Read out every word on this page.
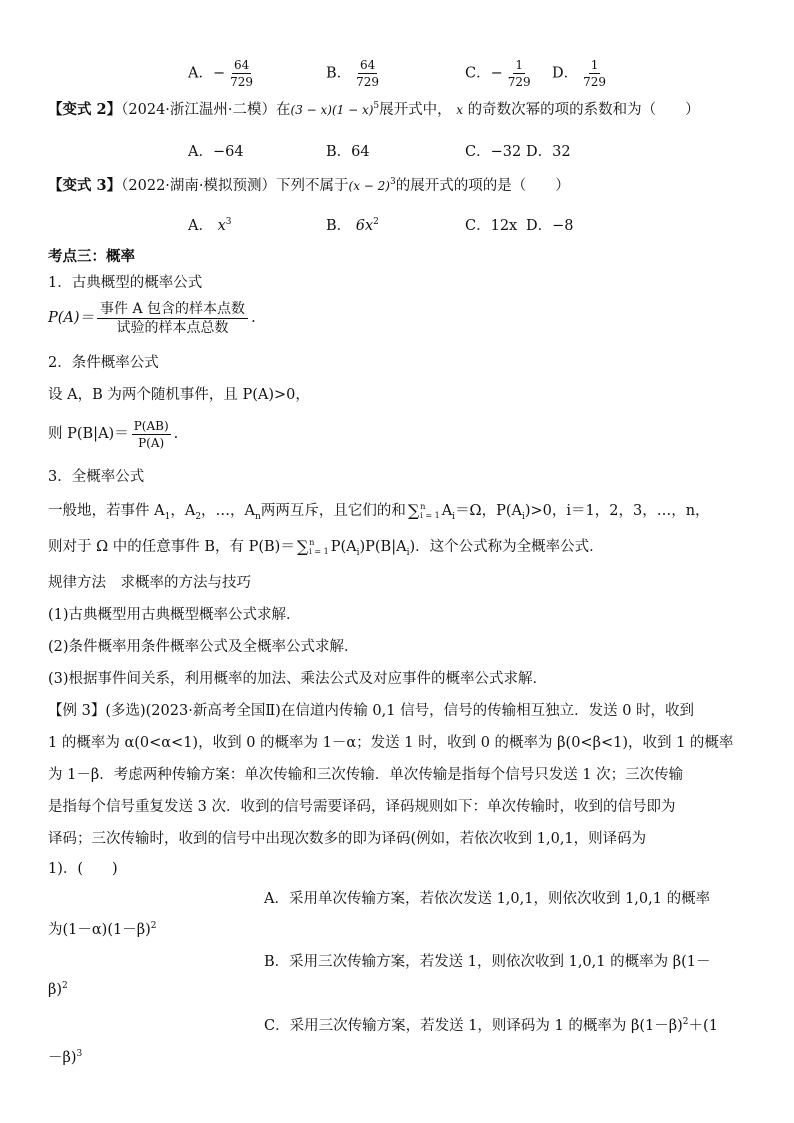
A．− $\frac{64}{729}$	B． $\frac{64}{729}$	C．− $\frac{1}{729}$ D． $\frac{1}{729}$
【变式 2】（2024·浙江温州·二模）在$(3 - x)(1 - x)^5$展开式中， x 的奇数次幂的项的系数和为（　　）
A．−64	B．64	C．−32 D．32
【变式 3】（2022·湖南·模拟预测）下列不属于$(x - 2)^3$的展开式的项的是（　　）
A． $x^3$	B． $6x^2$	C．12x D．−8
考点三：概率
1．古典概型的概率公式
$P(A)= \frac{\text{事件 A 包含的样本点数}}{\text{试验的样本点总数}}$ .
2．条件概率公式
设 A，B 为两个随机事件，且 P(A)>0，
则 $P(B|A)= \frac{P(AB)}{P(A)}$ .
3．全概率公式
一般地，若事件 $A_1$，$A_2$，…，$A_n$两两互斥，且它们的和 ∑ n
i = 1 $A_i=\Omega$，$P(A_i)>0$，i＝1，2，3，…，n，
则对于 Ω 中的任意事件 B，有 P(B)＝ ∑ n
i = 1 $P(A_i)P(B|A_i)$．这个公式称为全概率公式．
规律方法　求概率的方法与技巧
(1)古典概型用古典概型概率公式求解．
(2)条件概率用条件概率公式及全概率公式求解．
(3)根据事件间关系，利用概率的加法、乘法公式及对应事件的概率公式求解．
【例 3】(多选)(2023·新高考全国Ⅱ)在信道内传输 0,1 信号，信号的传输相互独立．发送 0 时，收到
1 的概率为 α(0<α<1)，收到 0 的概率为 1－α；发送 1 时，收到 0 的概率为 β(0<β<1)，收到 1 的概率
为 1－β．考虑两种传输方案：单次传输和三次传输．单次传输是指每个信号只发送 1 次；三次传输
是指每个信号重复发送 3 次．收到的信号需要译码，译码规则如下：单次传输时，收到的信号即为
译码；三次传输时，收到的信号中出现次数多的即为译码(例如，若依次收到 1,0,1，则译码为
1)．(　　)
A．采用单次传输方案，若依次发送 1,0,1，则依次收到 1,0,1 的概率
为$(1-\alpha)(1-\beta)^2$
B．采用三次传输方案，若发送 1，则依次收到 1,0,1 的概率为 β(1－
β)$^2$
C．采用三次传输方案，若发送 1，则译码为 1 的概率为 $\beta(1-\beta)^2+(1$
－β)$^3$
